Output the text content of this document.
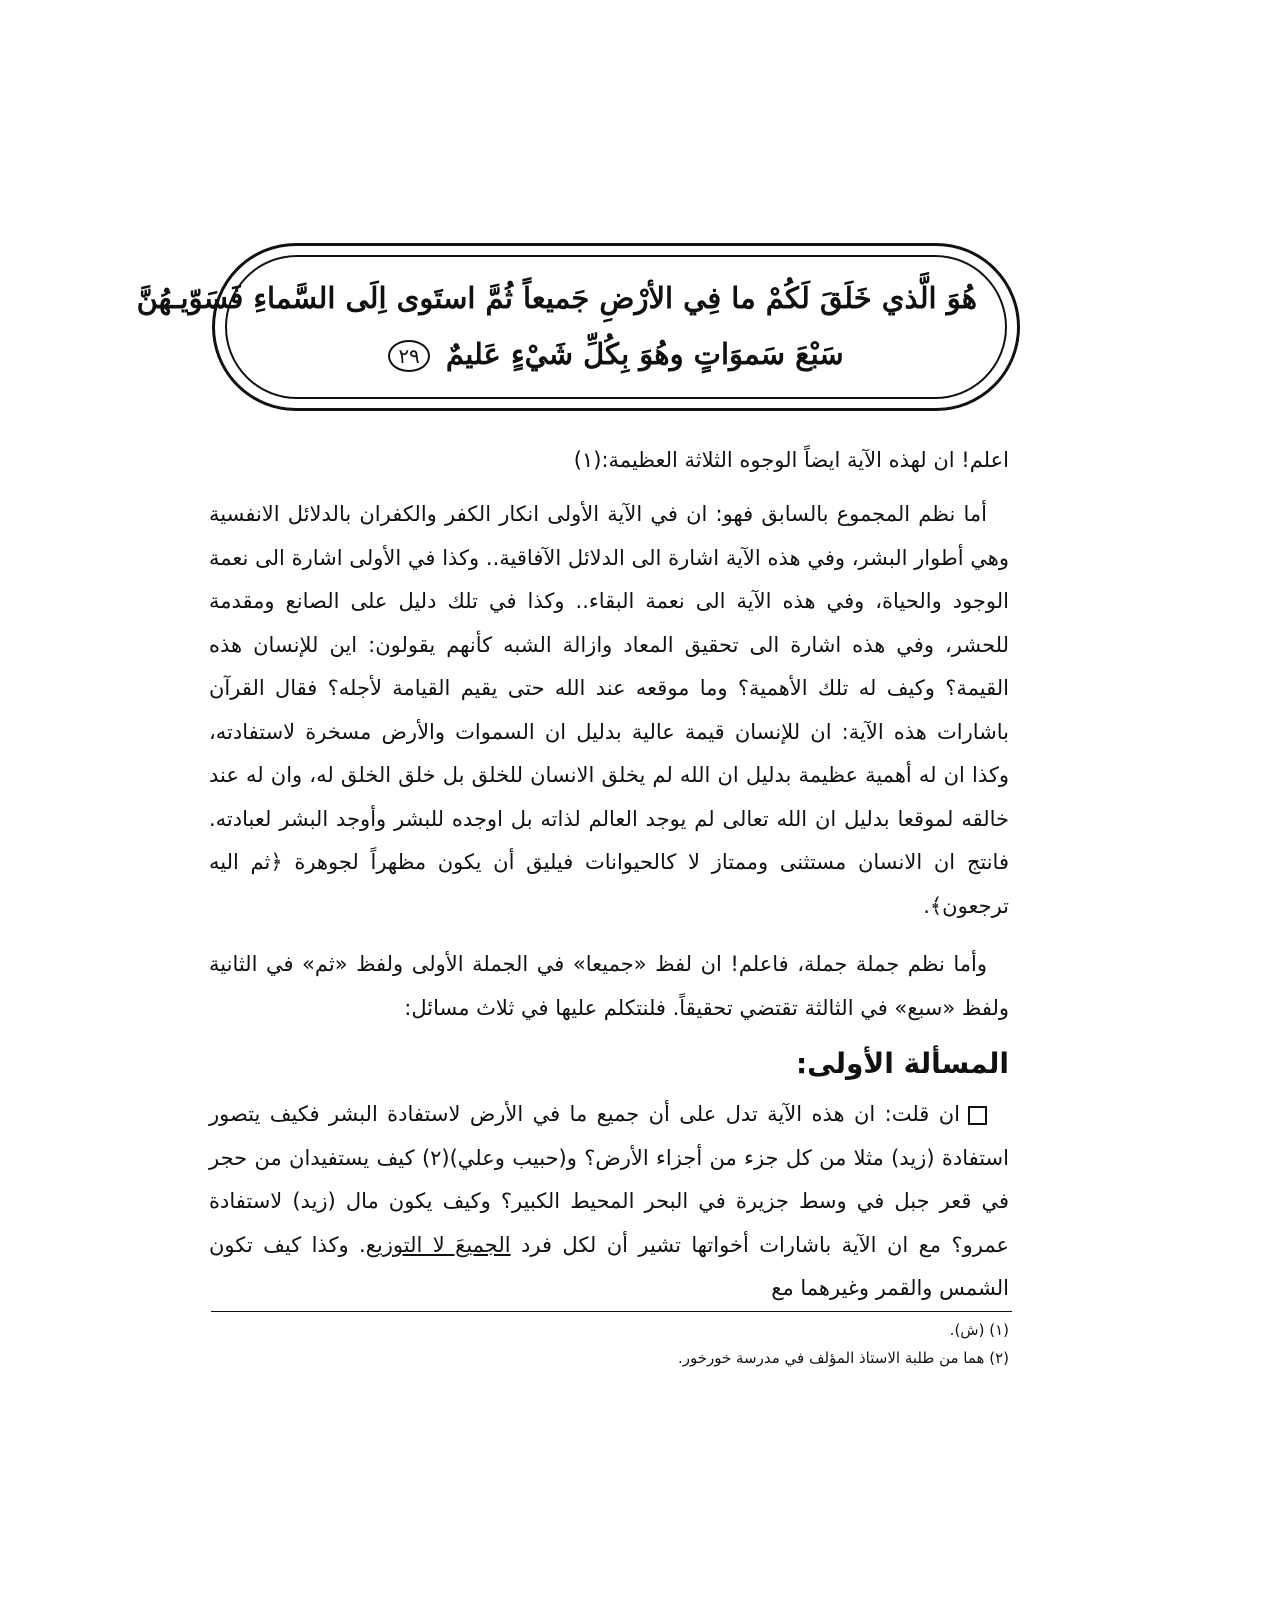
هُوَ الَّذي خَلَقَ لَكُمْ ما فِي الأرْضِ جَميعاً ثُمَّ استَوى اِلَى السَّماءِ فَسَوّيـهُنَّ
سَبْعَ سَموَاتٍ وهُوَ بِكُلِّ شَيْءٍ عَليمٌ ٢٩
اعلم! ان لهذه الآية ايضاً الوجوه الثلاثة العظيمة:(١)

أما نظم المجموع بالسابق فهو: ان في الآية الأولى انكار الكفر والكفران بالدلائل الانفسية وهي أطوار البشر، وفي هذه الآية اشارة الى الدلائل الآفاقية.. وكذا في الأولى اشارة الى نعمة الوجود والحياة، وفي هذه الآية الى نعمة البقاء.. وكذا في تلك دليل على الصانع ومقدمة للحشر، وفي هذه اشارة الى تحقيق المعاد وازالة الشبه كأنهم يقولون: اين للإنسان هذه القيمة؟ وكيف له تلك الأهمية؟ وما موقعه عند الله حتى يقيم القيامة لأجله؟ فقال القرآن باشارات هذه الآية: ان للإنسان قيمة عالية بدليل ان السموات والأرض مسخرة لاستفادته، وكذا ان له أهمية عظيمة بدليل ان الله لم يخلق الانسان للخلق بل خلق الخلق له، وان له عند خالقه لموقعا بدليل ان الله تعالى لم يوجد العالم لذاته بل اوجده للبشر وأوجد البشر لعبادته. فانتج ان الانسان مستثنى وممتاز لا كالحيوانات فيليق أن يكون مظهراً لجوهرة ﴿ثم اليه ترجعون﴾.

وأما نظم جملة جملة، فاعلم! ان لفظ «جميعا» في الجملة الأولى ولفظ «ثم» في الثانية ولفظ «سبع» في الثالثة تقتضي تحقيقاً. فلنتكلم عليها في ثلاث مسائل:

المسألة الأولى:

ان قلت: ان هذه الآية تدل على أن جميع ما في الأرض لاستفادة البشر فكيف يتصور استفادة (زيد) مثلا من كل جزء من أجزاء الأرض؟ و(حبيب وعلي)(٢) كيف يستفيدان من حجر في قعر جبل في وسط جزيرة في البحر المحيط الكبير؟ وكيف يكون مال (زيد) لاستفادة عمرو؟ مع ان الآية باشارات أخواتها تشير أن لكل فرد الجميعَ لا التوزيع. وكذا كيف تكون الشمس والقمر وغيرهما مع

(١) (ش).
(٢) هما من طلبة الاستاذ المؤلف في مدرسة خورخور.
